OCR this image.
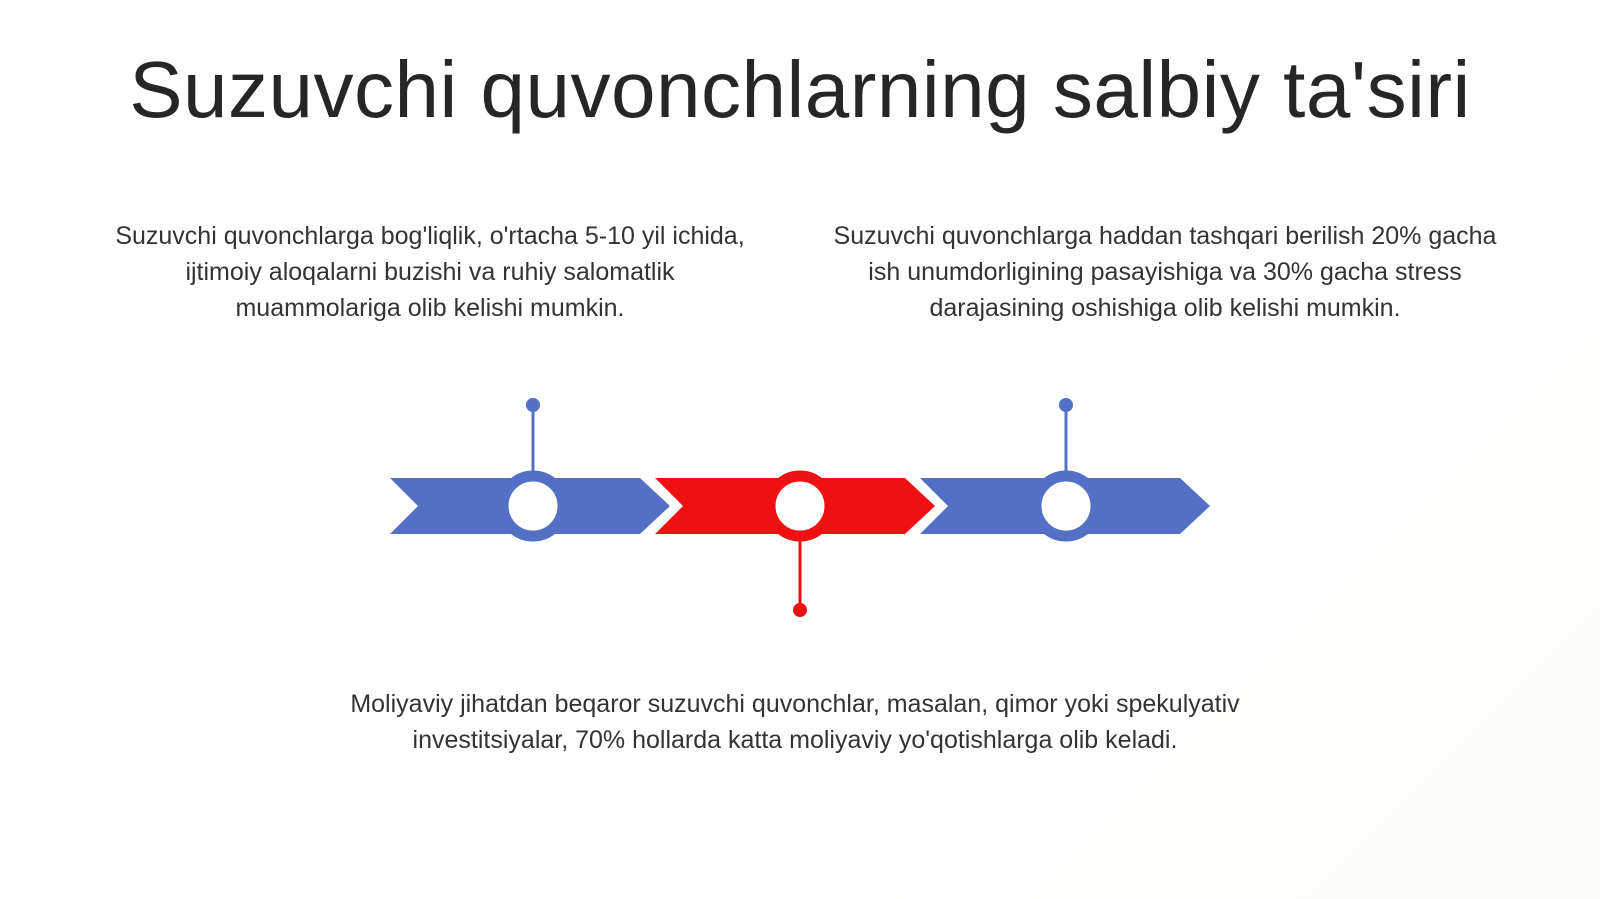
Suzuvchi quvonchlarning salbiy ta'siri

Suzuvchi quvonchlarga bog'liqlik, o'rtacha 5-10 yil ichida, ijtimoiy aloqalarni buzishi va ruhiy salomatlik muammolariga olib kelishi mumkin.

Suzuvchi quvonchlarga haddan tashqari berilish 20% gacha ish unumdorligining pasayishiga va 30% gacha stress darajasining oshishiga olib kelishi mumkin.

Moliyaviy jihatdan beqaror suzuvchi quvonchlar, masalan, qimor yoki spekulyativ investitsiyalar, 70% hollarda katta moliyaviy yo'qotishlarga olib keladi.
